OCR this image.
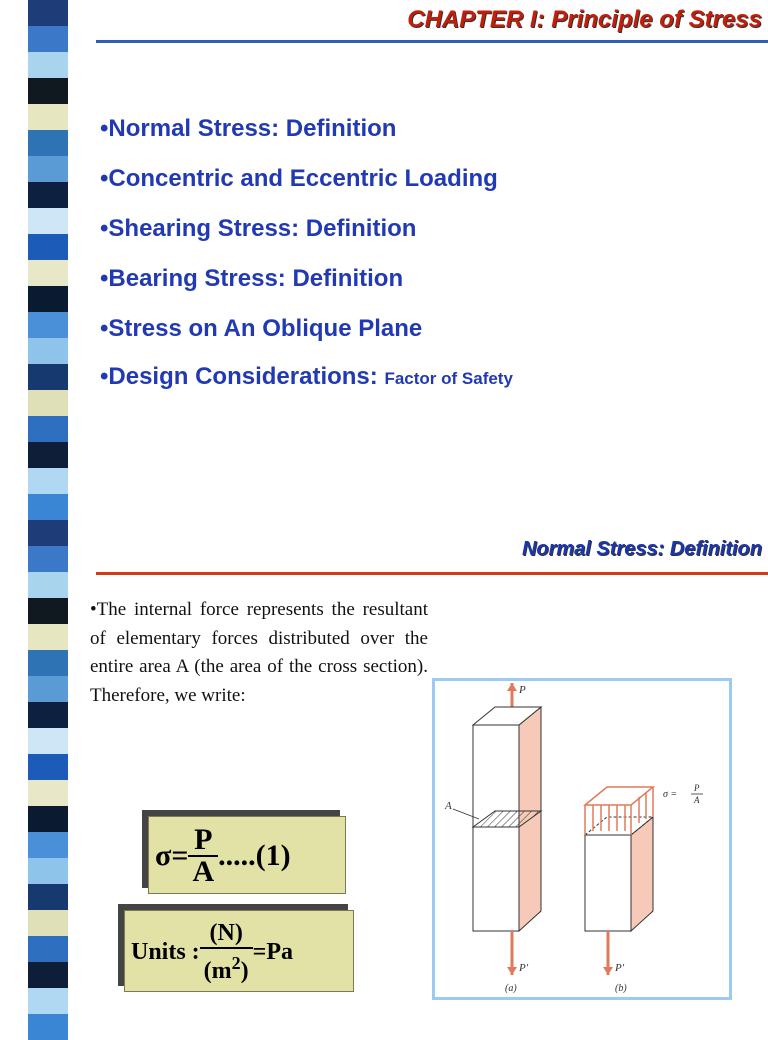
CHAPTER I: Principle of Stress
•Normal Stress: Definition
•Concentric and Eccentric Loading
•Shearing Stress: Definition
•Bearing Stress: Definition
•Stress on An Oblique Plane
•Design Considerations: Factor of Safety
Normal Stress: Definition
•The internal force represents the resultant of elementary forces distributed over the entire area A (the area of the cross section). Therefore, we write:
$\sigma= \frac{P}{A} .....(1)$
Units : $\frac{(N)}{(m^2)} =Pa$
P
A
P'	P'
σ =
P
A
(a)	(b)
